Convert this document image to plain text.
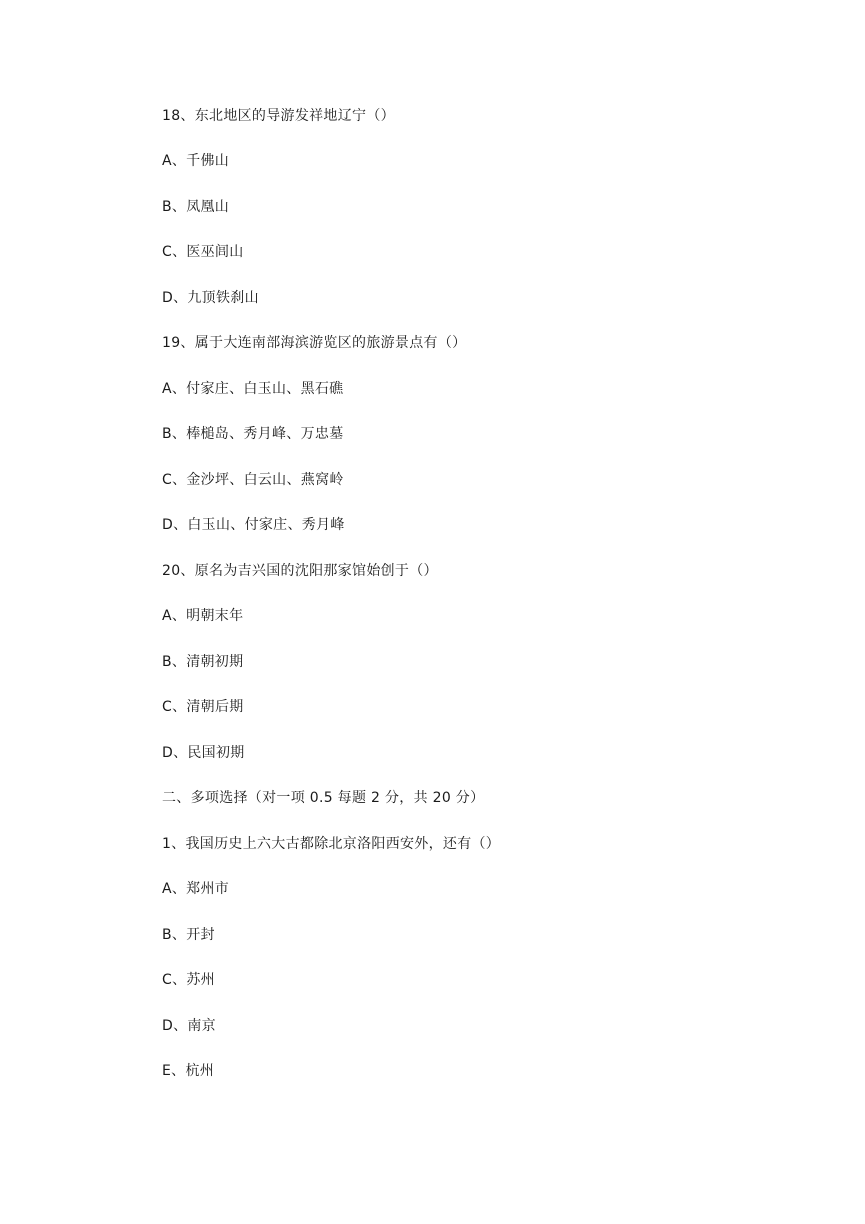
18、东北地区的导游发祥地辽宁（）
A、千佛山
B、凤凰山
C、医巫闾山
D、九顶铁刹山
19、属于大连南部海滨游览区的旅游景点有（）
A、付家庄、白玉山、黑石礁
B、棒槌岛、秀月峰、万忠墓
C、金沙坪、白云山、燕窝岭
D、白玉山、付家庄、秀月峰
20、原名为吉兴国的沈阳那家馆始创于（）
A、明朝末年
B、清朝初期
C、清朝后期
D、民国初期
二、多项选择（对一项 0.5 每题 2 分，共 20 分）
1、我国历史上六大古都除北京洛阳西安外，还有（）
A、郑州市
B、开封
C、苏州
D、南京
E、杭州
